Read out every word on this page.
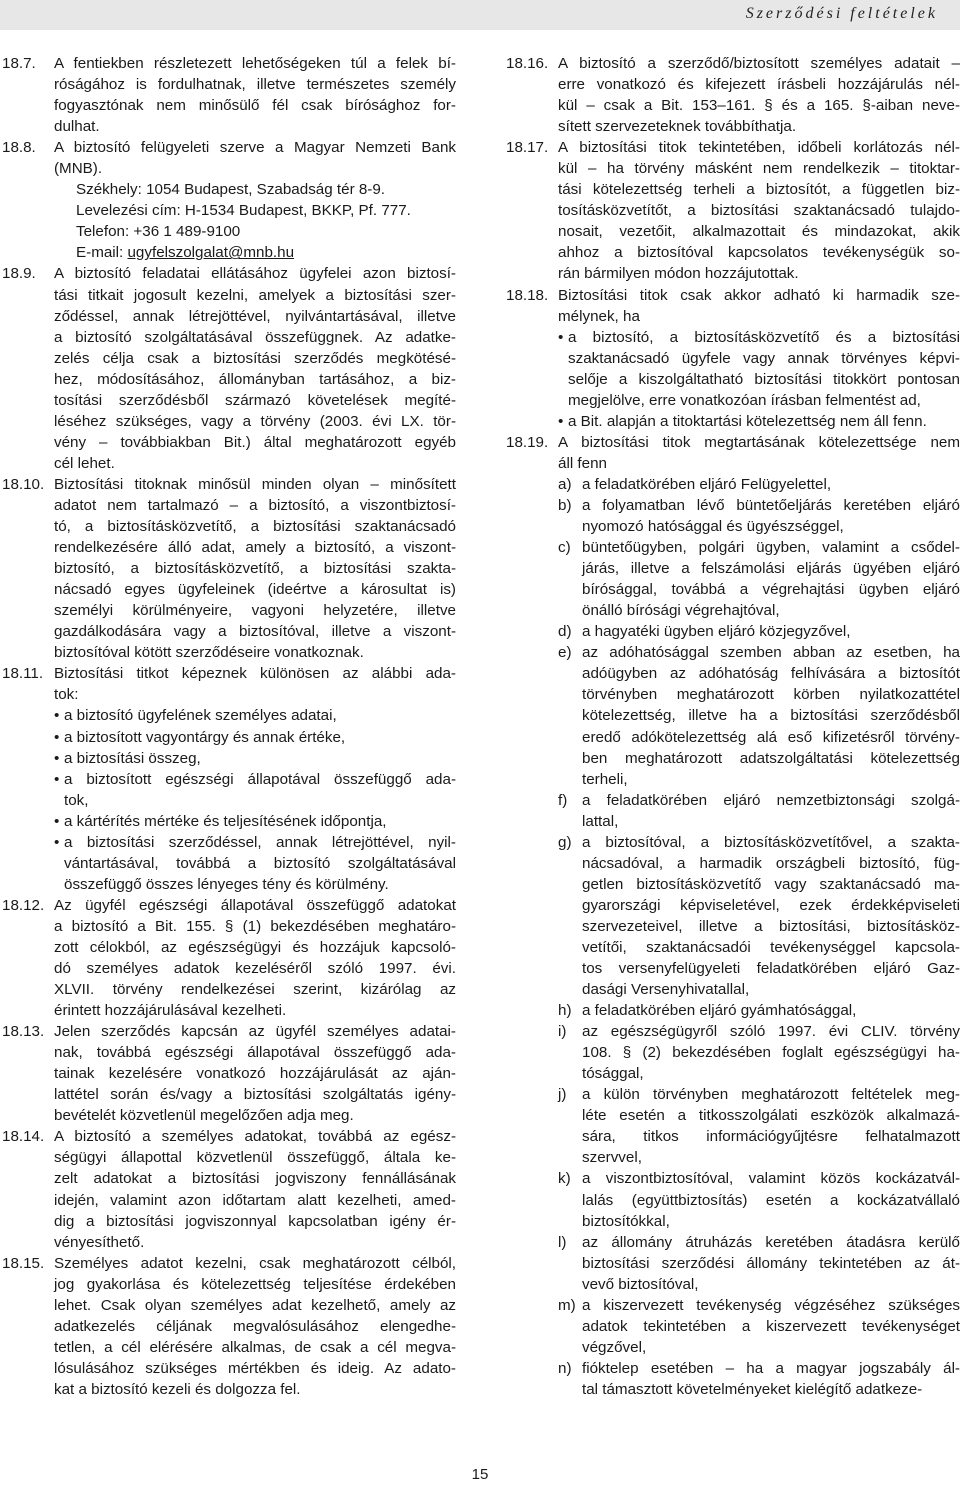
Szerződési feltételek
18.7. A fentiekben részletezett lehetőségeken túl a felek bí-
róságához is fordulhatnak, illetve természetes személy
fogyasztónak nem minősülő fél csak bírósághoz for-
dulhat.
18.8. A biztosító felügyeleti szerve a Magyar Nemzeti Bank
(MNB).
Székhely: 1054 Budapest, Szabadság tér 8-9.
Levelezési cím: H-1534 Budapest, BKKP, Pf. 777.
Telefon: +36 1 489-9100
E-mail: ugyfelszolgalat@mnb.hu
18.9. A biztosító feladatai ellátásához ügyfelei azon biztosí-
tási titkait jogosult kezelni, amelyek a biztosítási szer-
ződéssel, annak létrejöttével, nyilvántartásával, illetve
a biztosító szolgáltatásával összefüggnek. Az adatke-
zelés célja csak a biztosítási szerződés megkötésé-
hez, módosításához, állományban tartásához, a biz-
tosítási szerződésből származó követelések megíté-
léséhez szükséges, vagy a törvény (2003. évi LX. tör-
vény – továbbiakban Bit.) által meghatározott egyéb
cél lehet.
18.10. Biztosítási titoknak minősül minden olyan – minősített
adatot nem tartalmazó – a biztosító, a viszontbiztosí-
tó, a biztosításközvetítő, a biztosítási szaktanácsadó
rendelkezésére álló adat, amely a biztosító, a viszont-
biztosító, a biztosításközvetítő, a biztosítási szakta-
nácsadó egyes ügyfeleinek (ideértve a károsultat is)
személyi körülményeire, vagyoni helyzetére, illetve
gazdálkodására vagy a biztosítóval, illetve a viszont-
biztosítóval kötött szerződéseire vonatkoznak.
18.11. Biztosítási titkot képeznek különösen az alábbi ada-
tok:
• a biztosító ügyfelének személyes adatai,
• a biztosított vagyontárgy és annak értéke,
• a biztosítási összeg,
• a biztosított egészségi állapotával összefüggő ada-
tok,
• a kártérítés mértéke és teljesítésének időpontja,
• a biztosítási szerződéssel, annak létrejöttével, nyil-
vántartásával, továbbá a biztosító szolgáltatásával
összefüggő összes lényeges tény és körülmény.
18.12. Az ügyfél egészségi állapotával összefüggő adatokat
a biztosító a Bit. 155. § (1) bekezdésében meghatáro-
zott célokból, az egészségügyi és hozzájuk kapcsoló-
dó személyes adatok kezeléséről szóló 1997. évi.
XLVII. törvény rendelkezései szerint, kizárólag az
érintett hozzájárulásával kezelheti.
18.13. Jelen szerződés kapcsán az ügyfél személyes adatai-
nak, továbbá egészségi állapotával összefüggő ada-
tainak kezelésére vonatkozó hozzájárulását az aján-
lattétel során és/vagy a biztosítási szolgáltatás igény-
bevételét közvetlenül megelőzően adja meg.
18.14. A biztosító a személyes adatokat, továbbá az egész-
ségügyi állapottal közvetlenül összefüggő, általa ke-
zelt adatokat a biztosítási jogviszony fennállásának
idején, valamint azon időtartam alatt kezelheti, amed-
dig a biztosítási jogviszonnyal kapcsolatban igény ér-
vényesíthető.
18.15. Személyes adatot kezelni, csak meghatározott célból,
jog gyakorlása és kötelezettség teljesítése érdekében
lehet. Csak olyan személyes adat kezelhető, amely az
adatkezelés céljának megvalósulásához elengedhe-
tetlen, a cél elérésére alkalmas, de csak a cél megva-
lósulásához szükséges mértékben és ideig. Az adato-
kat a biztosító kezeli és dolgozza fel.
18.16. A biztosító a szerződő/biztosított személyes adatait –
erre vonatkozó és kifejezett írásbeli hozzájárulás nél-
kül – csak a Bit. 153–161. § és a 165. §-aiban neve-
sített szervezeteknek továbbíthatja.
18.17. A biztosítási titok tekintetében, időbeli korlátozás nél-
kül – ha törvény másként nem rendelkezik – titoktar-
tási kötelezettség terheli a biztosítót, a független biz-
tosításközvetítőt, a biztosítási szaktanácsadó tulajdo-
nosait, vezetőit, alkalmazottait és mindazokat, akik
ahhoz a biztosítóval kapcsolatos tevékenységük so-
rán bármilyen módon hozzájutottak.
18.18. Biztosítási titok csak akkor adható ki harmadik sze-
mélynek, ha
• a biztosító, a biztosításközvetítő és a biztosítási
szaktanácsadó ügyfele vagy annak törvényes képvi-
selője a kiszolgáltatható biztosítási titokkört pontosan
megjelölve, erre vonatkozóan írásban felmentést ad,
• a Bit. alapján a titoktartási kötelezettség nem áll fenn.
18.19. A biztosítási titok megtartásának kötelezettsége nem
áll fenn
a) a feladatkörében eljáró Felügyelettel,
b) a folyamatban lévő büntetőeljárás keretében eljáró
nyomozó hatósággal és ügyészséggel,
c) büntetőügyben, polgári ügyben, valamint a csődel-
járás, illetve a felszámolási eljárás ügyében eljáró
bírósággal, továbbá a végrehajtási ügyben eljáró
önálló bírósági végrehajtóval,
d) a hagyatéki ügyben eljáró közjegyzővel,
e) az adóhatósággal szemben abban az esetben, ha
adóügyben az adóhatóság felhívására a biztosítót
törvényben meghatározott körben nyilatkozattétel
kötelezettség, illetve ha a biztosítási szerződésből
eredő adókötelezettség alá eső kifizetésről törvény-
ben meghatározott adatszolgáltatási kötelezettség
terheli,
f) a feladatkörében eljáró nemzetbiztonsági szolgá-
lattal,
g) a biztosítóval, a biztosításközvetítővel, a szakta-
nácsadóval, a harmadik országbeli biztosító, füg-
getlen biztosításközvetítő vagy szaktanácsadó ma-
gyarországi képviseletével, ezek érdekképviseleti
szervezeteivel, illetve a biztosítási, biztosításköz-
vetítői, szaktanácsadói tevékenységgel kapcsola-
tos versenyfelügyeleti feladatkörében eljáró Gaz-
dasági Versenyhivatallal,
h) a feladatkörében eljáró gyámhatósággal,
i) az egészségügyről szóló 1997. évi CLIV. törvény
108. § (2) bekezdésében foglalt egészségügyi ha-
tósággal,
j) a külön törvényben meghatározott feltételek meg-
léte esetén a titkosszolgálati eszközök alkalmazá-
sára, titkos információgyűjtésre felhatalmazott
szervvel,
k) a viszontbiztosítóval, valamint közös kockázatvál-
lalás (együttbiztosítás) esetén a kockázatvállaló
biztosítókkal,
l) az állomány átruházás keretében átadásra kerülő
biztosítási szerződési állomány tekintetében az át-
vevő biztosítóval,
m) a kiszervezett tevékenység végzéséhez szükséges
adatok tekintetében a kiszervezett tevékenységet
végzővel,
n) fióktelep esetében – ha a magyar jogszabály ál-
tal támasztott követelményeket kielégítő adatkeze-
15
